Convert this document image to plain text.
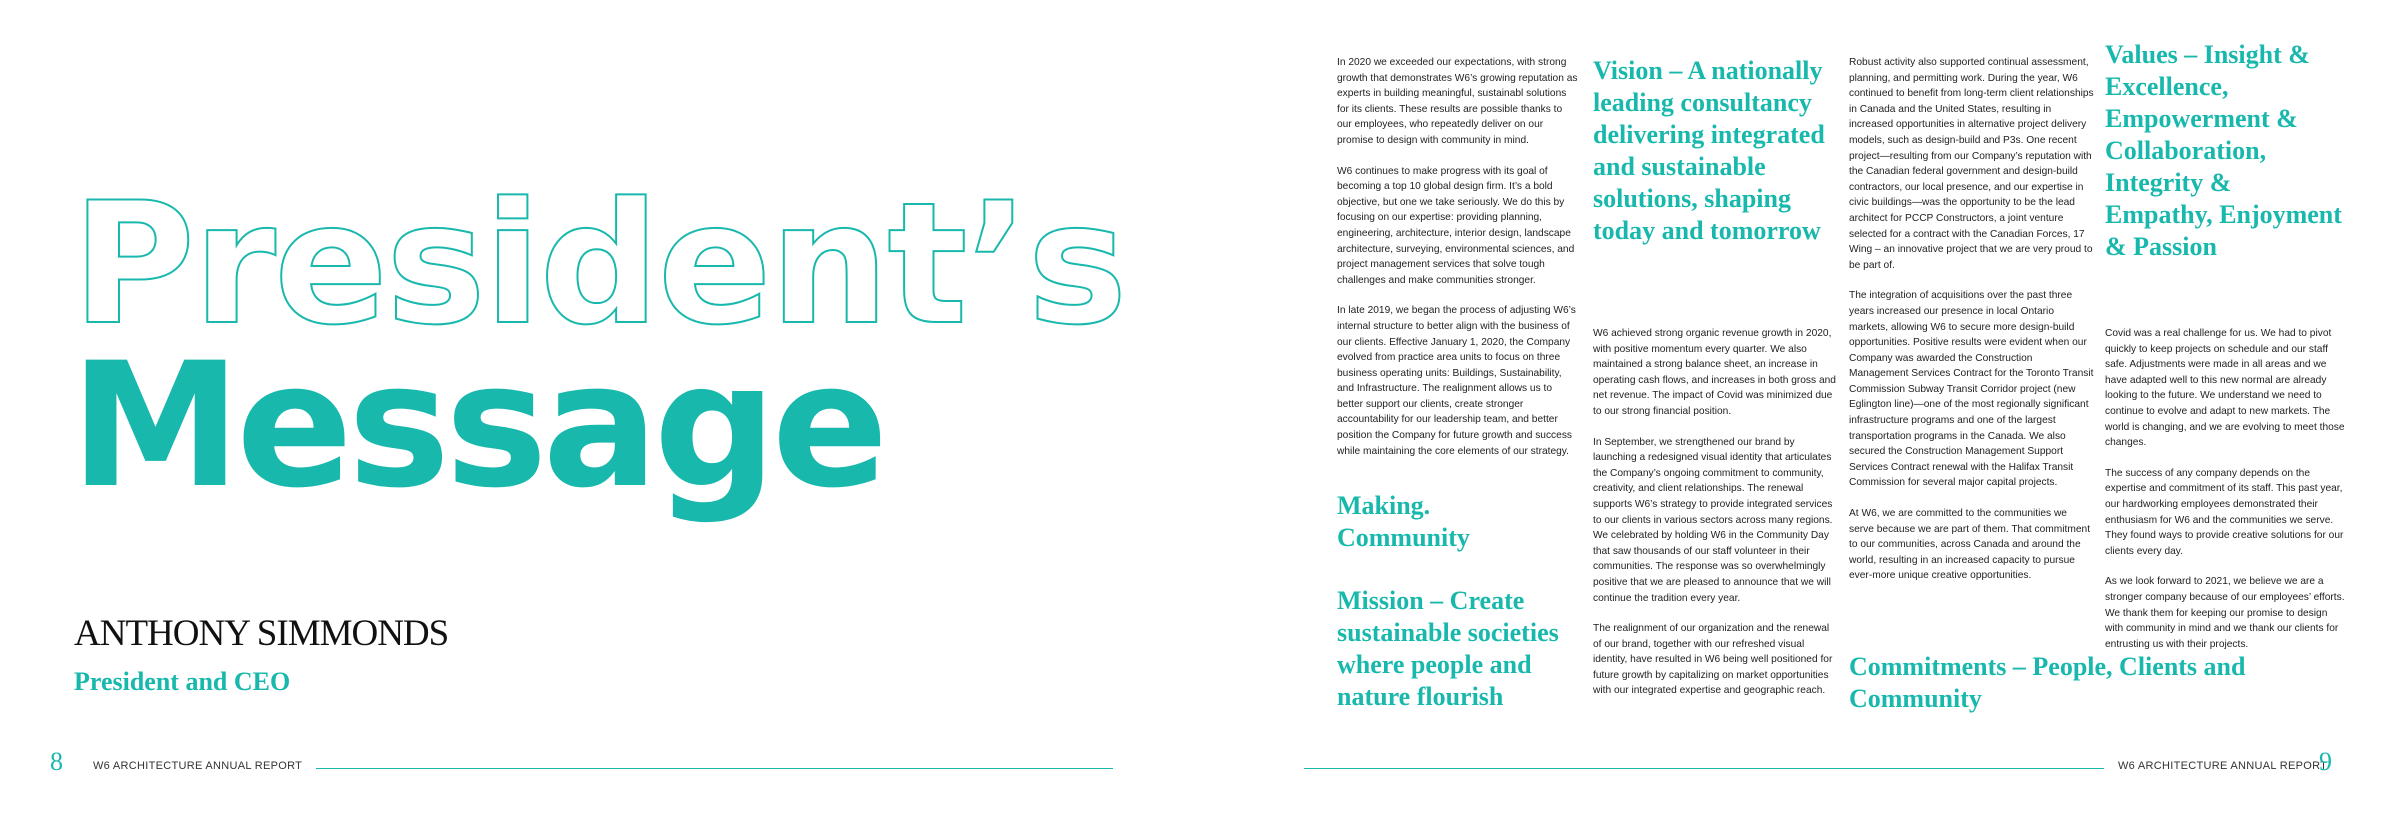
President’s
Message
ANTHONY SIMMONDS
President and CEO
8	W6 ARCHITECTURE ANNUAL REPORT

In 2020 we exceeded our expectations, with strong growth that demonstrates W6’s growing reputation as experts in building meaningful, sustainabl solutions for its clients. These results are possible thanks to our employees, who repeatedly deliver on our promise to design with community in mind.

W6 continues to make progress with its goal of becoming a top 10 global design firm. It’s a bold objective, but one we take seriously. We do this by focusing on our expertise: providing planning, engineering, architecture, interior design, landscape architecture, surveying, environmental sciences, and project management services that solve tough challenges and make communities stronger.

In late 2019, we began the process of adjusting W6’s internal structure to better align with the business of our clients. Effective January 1, 2020, the Company evolved from practice area units to focus on three business operating units: Buildings, Sustainability, and Infrastructure. The realignment allows us to better support our clients, create stronger accountability for our leadership team, and better position the Company for future growth and success while maintaining the core elements of our strategy.

Making. Community
Mission – Create sustainable societies where people and nature flourish
Vision – A nationally leading consultancy delivering integrated and sustainable solutions, shaping today and tomorrow

W6 achieved strong organic revenue growth in 2020, with positive momentum every quarter. We also maintained a strong balance sheet, an increase in operating cash flows, and increases in both gross and net revenue. The impact of Covid was minimized due to our strong financial position.

In September, we strengthened our brand by launching a redesigned visual identity that articulates the Company’s ongoing commitment to community, creativity, and client relationships. The renewal supports W6’s strategy to provide integrated services to our clients in various sectors across many regions. We celebrated by holding W6 in the Community Day that saw thousands of our staff volunteer in their communities. The response was so overwhelmingly positive that we are pleased to announce that we will continue the tradition every year.

The realignment of our organization and the renewal of our brand, together with our refreshed visual identity, have resulted in W6 being well positioned for future growth by capitalizing on market opportunities with our integrated expertise and geographic reach.

Robust activity also supported continual assessment, planning, and permitting work. During the year, W6 continued to benefit from long-term client relationships in Canada and the United States, resulting in increased opportunities in alternative project delivery models, such as design-build and P3s. One recent project—resulting from our Company’s reputation with the Canadian federal government and design-build contractors, our local presence, and our expertise in civic buildings—was the opportunity to be the lead architect for PCCP Constructors, a joint venture selected for a contract with the Canadian Forces, 17 Wing – an innovative project that we are very proud to be part of.

The integration of acquisitions over the past three years increased our presence in local Ontario markets, allowing W6 to secure more design-build opportunities. Positive results were evident when our Company was awarded the Construction Management Services Contract for the Toronto Transit Commission Subway Transit Corridor project (new Eglington line)—one of the most regionally significant infrastructure programs and one of the largest transportation programs in the Canada. We also secured the Construction Management Support Services Contract renewal with the Halifax Transit Commission for several major capital projects.

At W6, we are committed to the communities we serve because we are part of them. That commitment to our communities, across Canada and around the world, resulting in an increased capacity to pursue ever-more unique creative opportunities.

Commitments – People, Clients and Community
Values – Insight & Excellence, Empowerment & Collaboration, Integrity & Empathy, Enjoyment & Passion

Covid was a real challenge for us. We had to pivot quickly to keep projects on schedule and our staff safe. Adjustments were made in all areas and we have adapted well to this new normal are already looking to the future. We understand we need to continue to evolve and adapt to new markets. The world is changing, and we are evolving to meet those changes.

The success of any company depends on the expertise and commitment of its staff. This past year, our hardworking employees demonstrated their enthusiasm for W6 and the communities we serve. They found ways to provide creative solutions for our clients every day.

As we look forward to 2021, we believe we are a stronger company because of our employees’ efforts. We thank them for keeping our promise to design with community in mind and we thank our clients for entrusting us with their projects.

W6 ARCHITECTURE ANNUAL REPORT
9
